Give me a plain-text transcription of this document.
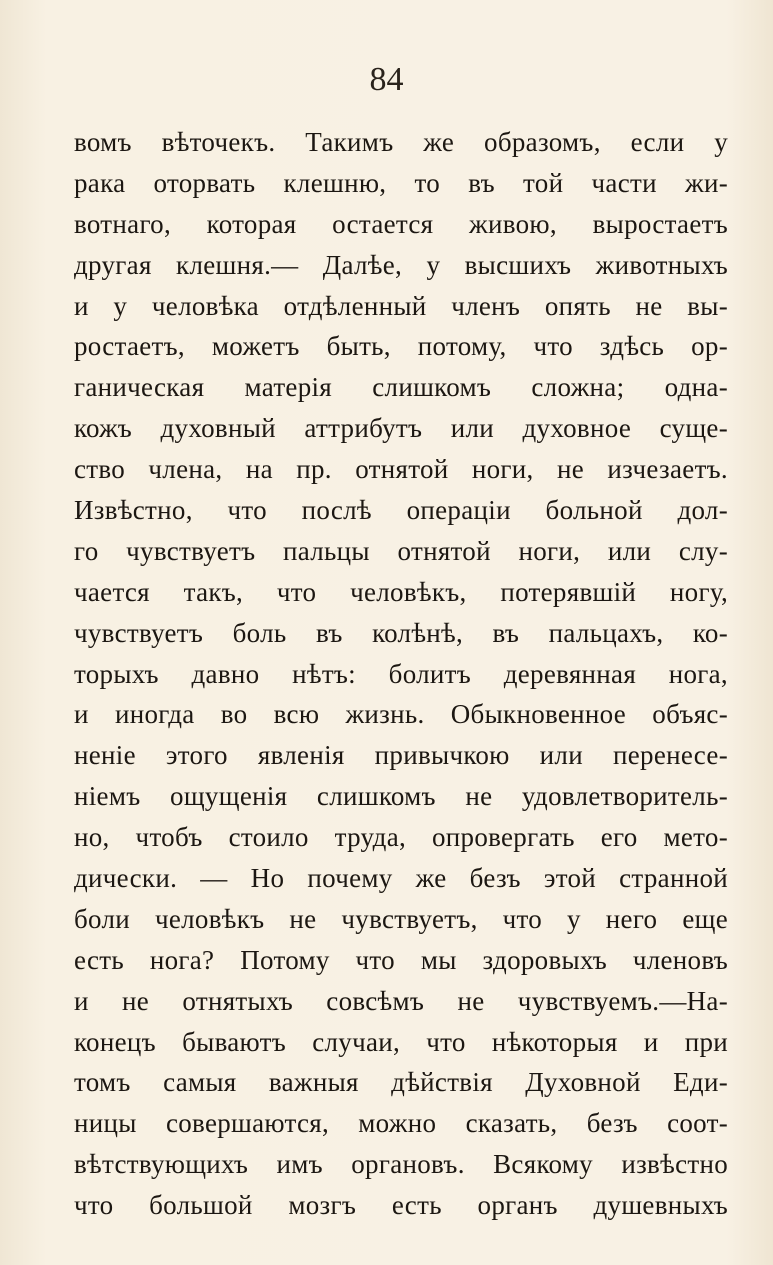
84
вомъ вѣточекъ. Такимъ же образомъ, если у
рака оторвать клешню, то въ той части жи-
вотнаго, которая остается живою, выростаетъ
другая клешня.— Далѣе, у высшихъ животныхъ
и у человѣка отдѣленный членъ опять не вы-
ростаетъ, можетъ быть, потому, что здѣсь ор-
ганическая матерія слишкомъ сложна; одна-
кожъ духовный аттрибутъ или духовное суще-
ство члена, на пр. отнятой ноги, не изчезаетъ.
Извѣстно, что послѣ операціи больной дол-
го чувствуетъ пальцы отнятой ноги, или слу-
чается такъ, что человѣкъ, потерявшій ногу,
чувствуетъ боль въ колѣнѣ, въ пальцахъ, ко-
торыхъ давно нѣтъ: болитъ деревянная нога,
и иногда во всю жизнь. Обыкновенное объяс-
неніе этого явленія привычкою или перенесе-
ніемъ ощущенія слишкомъ не удовлетворитель-
но, чтобъ стоило труда, опровергать его мето-
дически. — Но почему же безъ этой странной
боли человѣкъ не чувствуетъ, что у него еще
есть нога? Потому что мы здоровыхъ членовъ
и не отнятыхъ совсѣмъ не чувствуемъ.—На-
конецъ бываютъ случаи, что нѣкоторыя и при
томъ самыя важныя дѣйствія Духовной Еди-
ницы совершаются, можно сказать, безъ соот-
вѣтствующихъ имъ органовъ. Всякому извѣстно
что большой мозгъ есть органъ душевныхъ
